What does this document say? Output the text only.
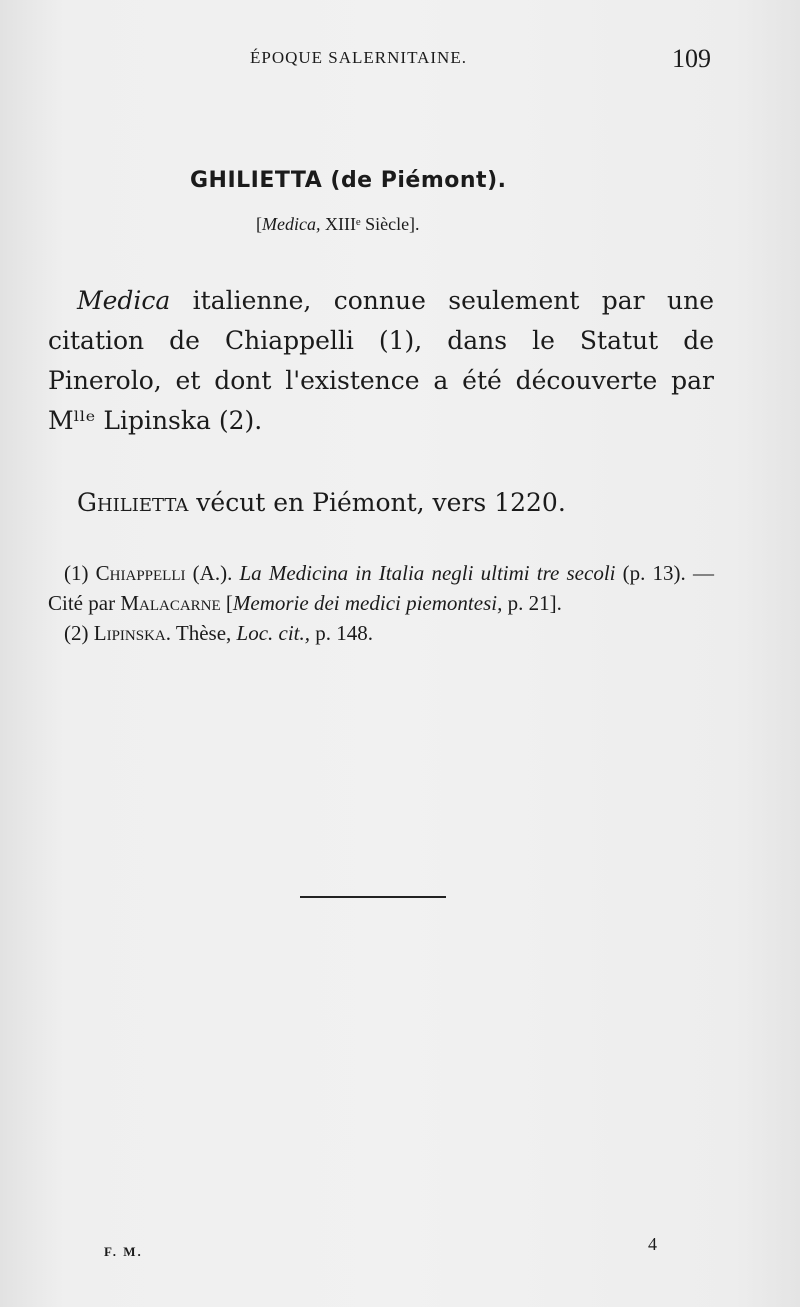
ÉPOQUE SALERNITAINE.	109
GHILIETTA (de Piémont).
[Medica, XIIIᵉ Siècle].

Medica italienne, connue seulement par une citation de Chiappelli (1), dans le Statut de Pinerolo, et dont l'existence a été découverte par Mˡˡᵉ Lipinska (2).

Ghilietta vécut en Piémont, vers 1220.

(1) Chiappelli (A.). La Medicina in Italia negli ultimi tre secoli (p. 13). — Cité par Malacarne [Memorie dei medici piemontesi, p. 21].

(2) Lipinska. Thèse, Loc. cit., p. 148.

F. M.	4
